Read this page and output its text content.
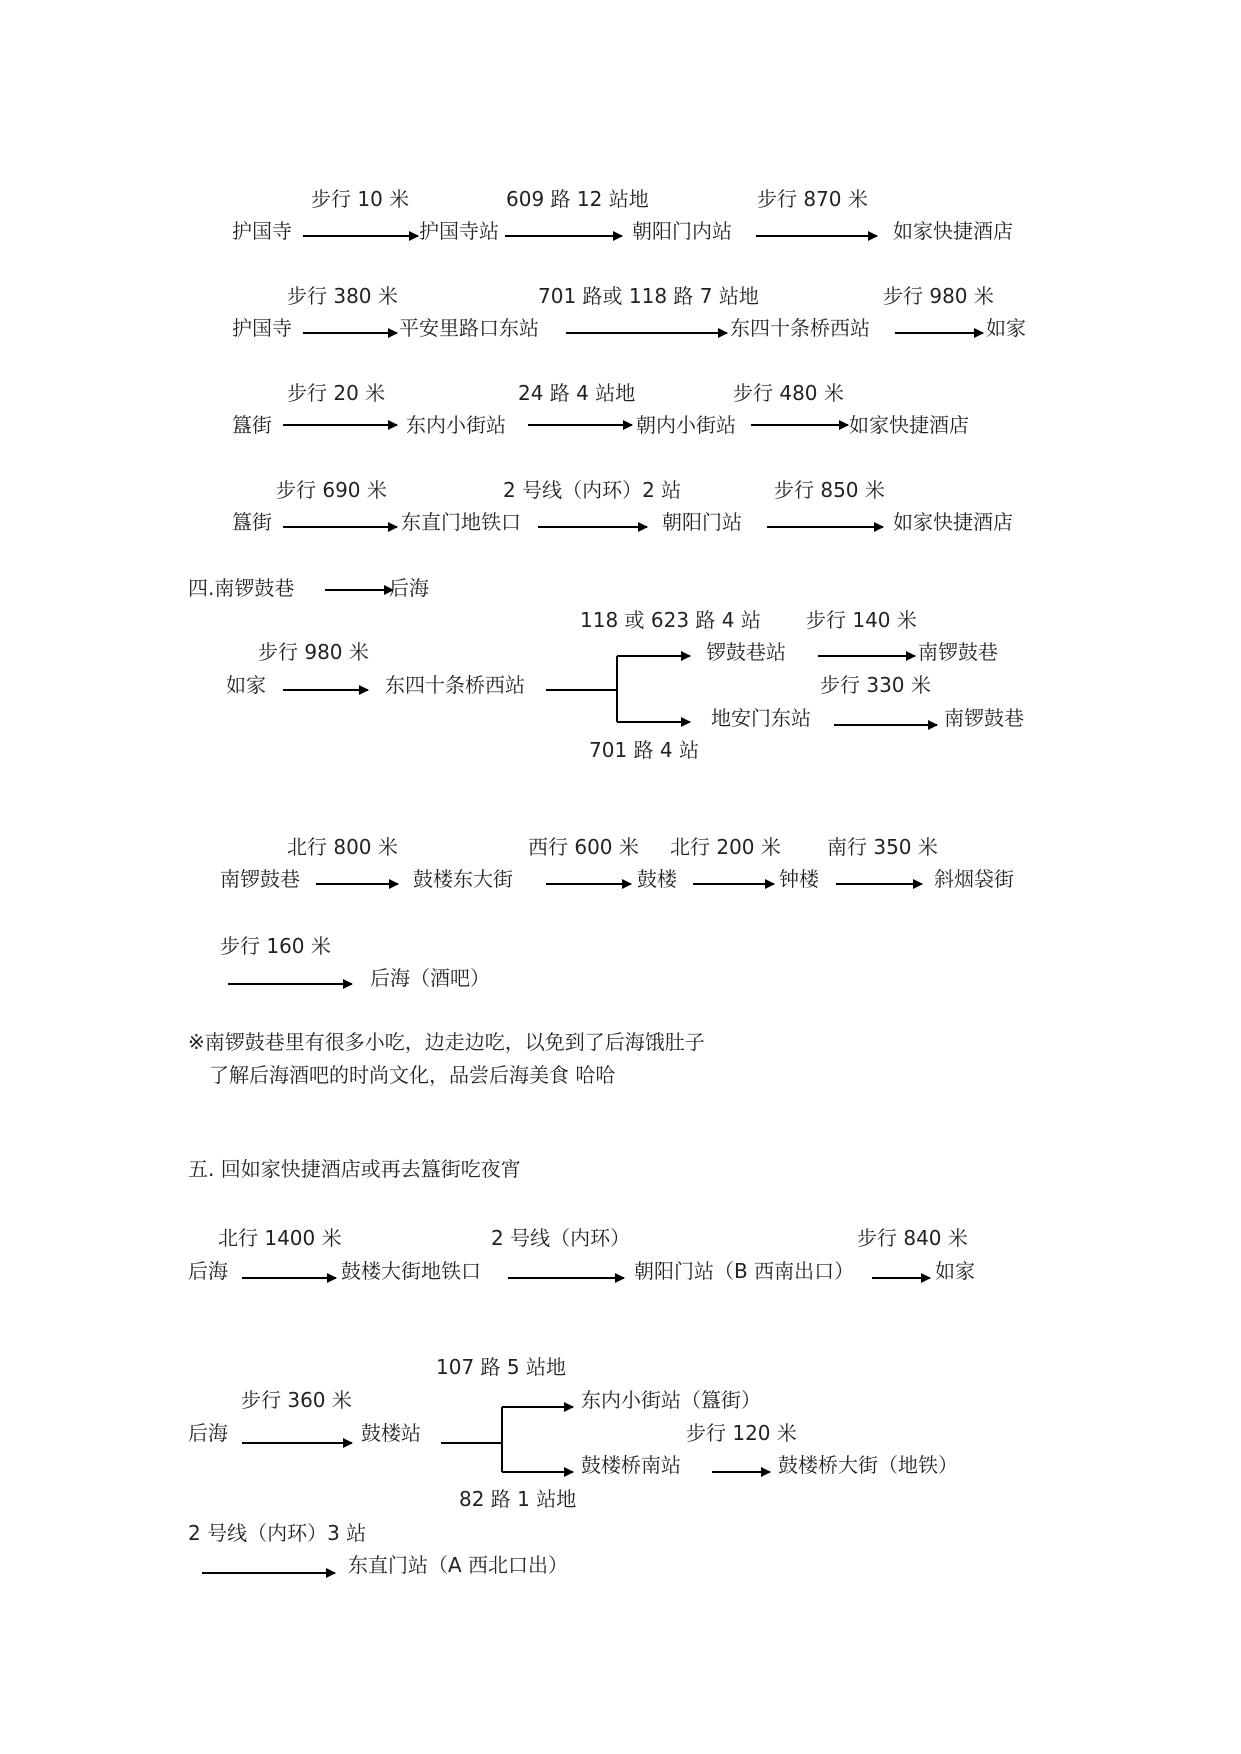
步行 10 米	609 路 12 站地	步行 870 米
护国寺	护国寺站	朝阳门内站	如家快捷酒店
步行 380 米	701 路或 118 路 7 站地	步行 980 米
护国寺	平安里路口东站	东四十条桥西站	如家
步行 20 米	24 路 4 站地	步行 480 米
簋街	东内小街站	朝内小街站	如家快捷酒店
步行 690 米	2 号线（内环）2 站	步行 850 米
簋街	东直门地铁口	朝阳门站	如家快捷酒店
四.南锣鼓巷	后海
118 或 623 路 4 站 步行 140 米
步行 980 米	锣鼓巷站	南锣鼓巷
如家	东四十条桥西站	步行 330 米
地安门东站	南锣鼓巷
701 路 4 站
北行 800 米	西行 600 米 北行 200 米 南行 350 米
南锣鼓巷	鼓楼东大街	鼓楼	钟楼	斜烟袋街
步行 160 米
后海（酒吧）
※南锣鼓巷里有很多小吃，边走边吃，以免到了后海饿肚子
了解后海酒吧的时尚文化，品尝后海美食 哈哈
五. 回如家快捷酒店或再去簋街吃夜宵
北行 1400 米	2 号线（内环）	步行 840 米
后海	鼓楼大街地铁口	朝阳门站（B 西南出口）	如家
107 路 5 站地
东内小街站（簋街）
步行 360 米
后海	鼓楼站	步行 120 米
鼓楼桥南站	鼓楼桥大街（地铁）
82 路 1 站地
2 号线（内环）3 站
东直门站（A 西北口出）
